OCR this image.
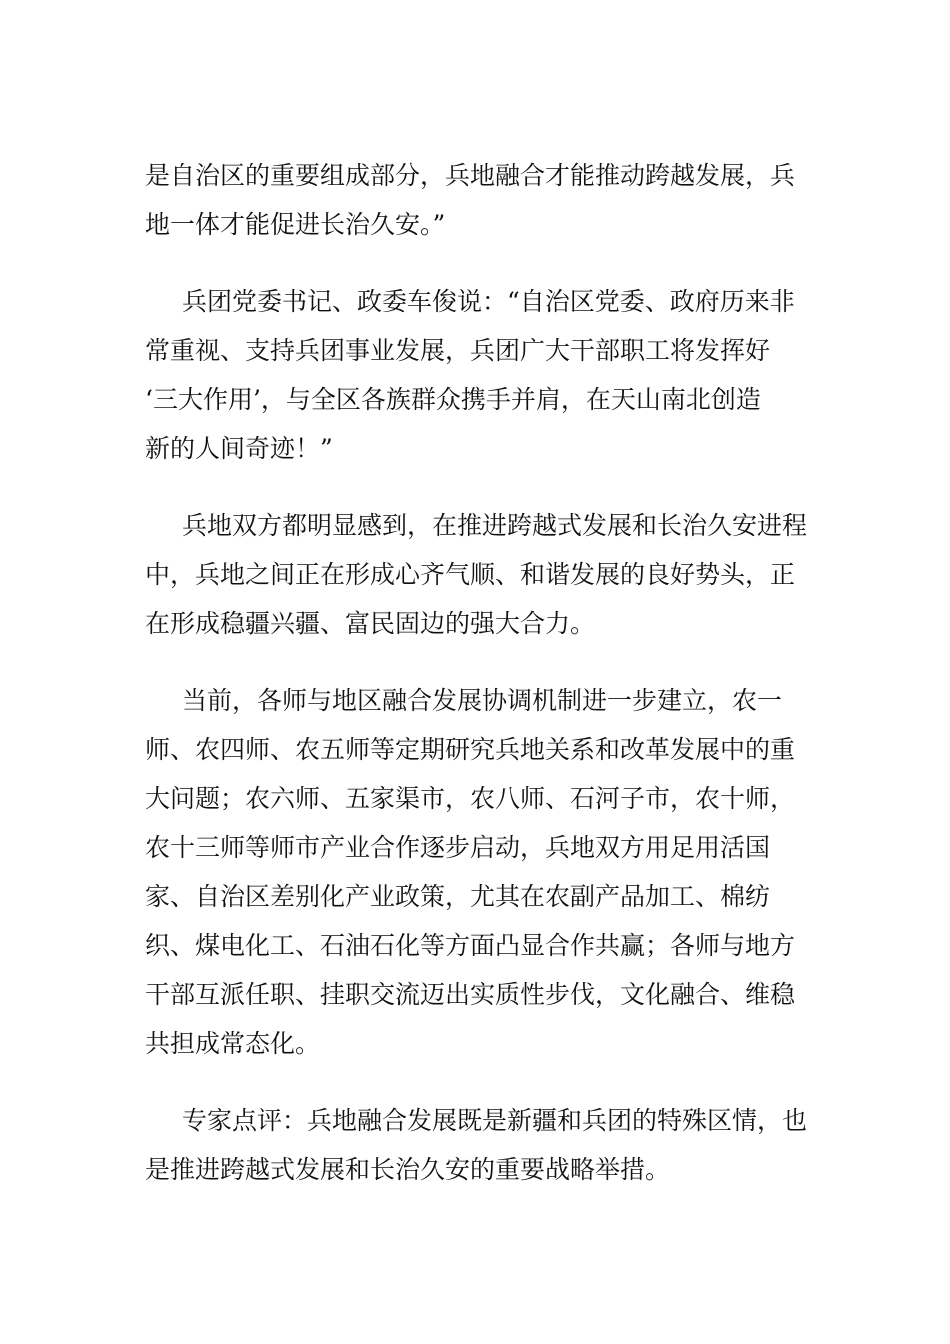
是自治区的重要组成部分，兵地融合才能推动跨越发展，兵
地一体才能促进长治久安。”

兵团党委书记、政委车俊说：“自治区党委、政府历来非
常重视、支持兵团事业发展，兵团广大干部职工将发挥好
‘三大作用’，与全区各族群众携手并肩，在天山南北创造
新的人间奇迹！”

兵地双方都明显感到，在推进跨越式发展和长治久安进程
中，兵地之间正在形成心齐气顺、和谐发展的良好势头，正
在形成稳疆兴疆、富民固边的强大合力。

当前，各师与地区融合发展协调机制进一步建立，农一
师、农四师、农五师等定期研究兵地关系和改革发展中的重
大问题；农六师、五家渠市，农八师、石河子市，农十师，
农十三师等师市产业合作逐步启动，兵地双方用足用活国
家、自治区差别化产业政策，尤其在农副产品加工、棉纺
织、煤电化工、石油石化等方面凸显合作共赢；各师与地方
干部互派任职、挂职交流迈出实质性步伐，文化融合、维稳
共担成常态化。

专家点评：兵地融合发展既是新疆和兵团的特殊区情，也
是推进跨越式发展和长治久安的重要战略举措。
